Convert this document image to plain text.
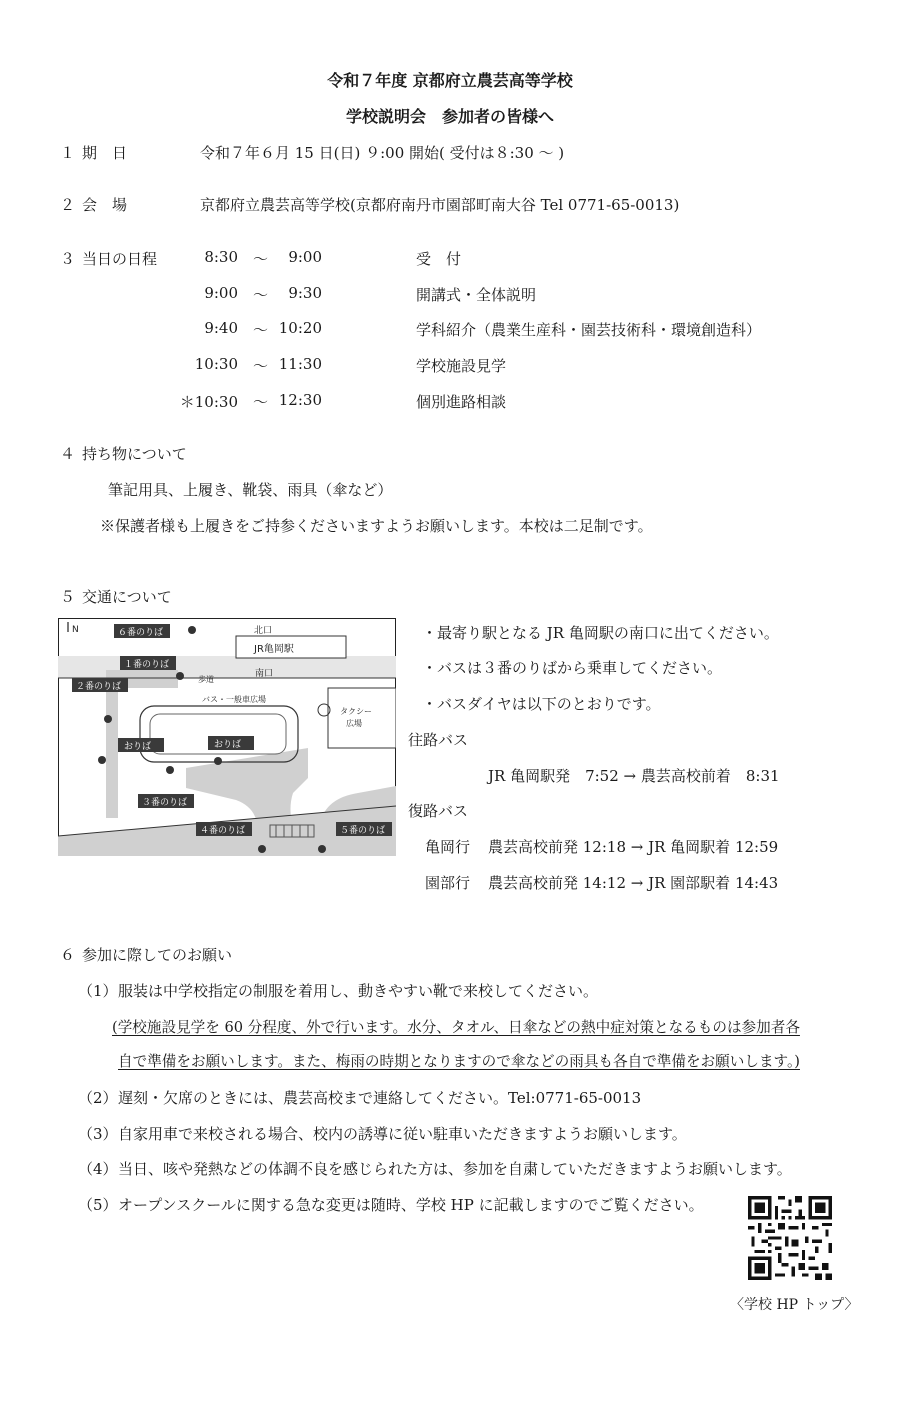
令和７年度 京都府立農芸高等学校
学校説明会　参加者の皆様へ
１ 期　日	令和７年６月 15 日(日) ９:00 開始( 受付は８:30 ～ )
２ 会　場	京都府立農芸高等学校(京都府南丹市園部町南大谷 Tel 0771-65-0013)
３ 当日の日程	8:30 ～ 9:00	受　付
9:00 ～ 9:30	開講式・全体説明
9:40 ～ 10:20	学科紹介（農業生産科・園芸技術科・環境創造科）
10:30 ～ 11:30	学校施設見学
＊10:30 ～ 12:30	個別進路相談
４ 持ち物について
筆記用具、上履き、靴袋、雨具（傘など）
※保護者様も上履きをご持参くださいますようお願いします。本校は二足制です。
５ 交通について
N	北口
JR亀岡駅
南口
歩道
バス・一般車広場
タクシー
広場
６番のりば
１番のりば
２番のりば
おりば	おりば
３番のりば
４番のりば	５番のりば
・最寄り駅となる JR 亀岡駅の南口に出てください。
・バスは３番のりばから乗車してください。
・バスダイヤは以下のとおりです。
往路バス
JR 亀岡駅発　7:52 → 農芸高校前着　8:31
復路バス
亀岡行 農芸高校前発 12:18 → JR 亀岡駅着 12:59
園部行 農芸高校前発 14:12 → JR 園部駅着 14:43
６ 参加に際してのお願い
（1） 服装は中学校指定の制服を着用し、動きやすい靴で来校してください。
(学校施設見学を 60 分程度、外で行います。水分、タオル、日傘などの熱中症対策となるものは参加者各
自で準備をお願いします。また、梅雨の時期となりますので傘などの雨具も各自で準備をお願いします。)
（2） 遅刻・欠席のときには、農芸高校まで連絡してください。Tel:0771-65-0013
（3） 自家用車で来校される場合、校内の誘導に従い駐車いただきますようお願いします。
（4） 当日、咳や発熱などの体調不良を感じられた方は、参加を自粛していただきますようお願いします。
（5） オープンスクールに関する急な変更は随時、学校 HP に記載しますのでご覧ください。
〈学校 HP トップ〉
